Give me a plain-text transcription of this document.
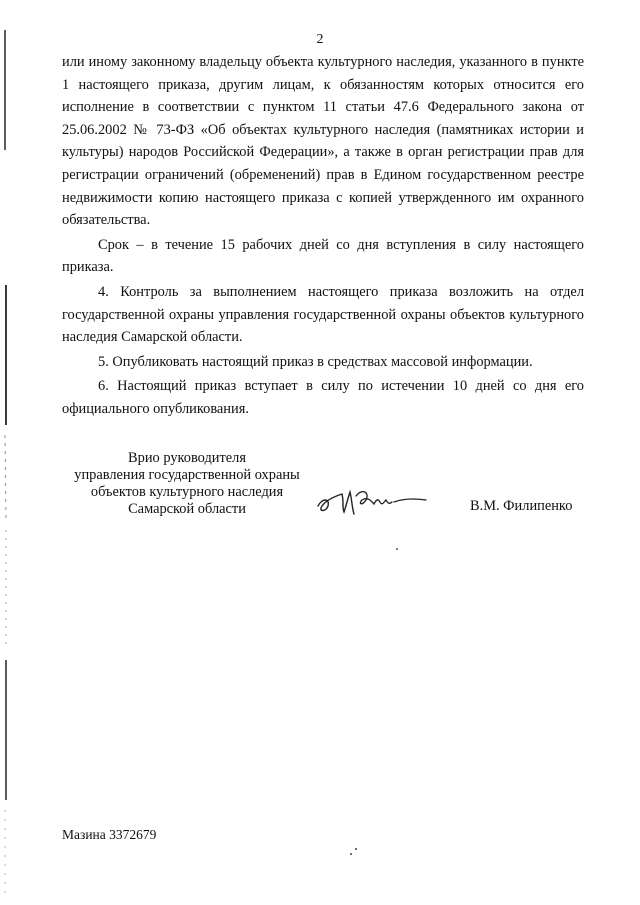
2

или иному законному владельцу объекта культурного наследия, указанного в пункте 1 настоящего приказа, другим лицам, к обязанностям которых относится его исполнение в соответствии с пунктом 11 статьи 47.6 Федерального закона от 25.06.2002 № 73-ФЗ «Об объектах культурного наследия (памятниках истории и культуры) народов Российской Федерации», а также в орган регистрации прав для регистрации ограничений (обременений) прав в Едином государственном реестре недвижимости копию настоящего приказа с копией утвержденного им охранного обязательства.

Срок – в течение 15 рабочих дней со дня вступления в силу настоящего приказа.

4. Контроль за выполнением настоящего приказа возложить на отдел государственной охраны управления государственной охраны объектов культурного наследия Самарской области.

5. Опубликовать настоящий приказ в средствах массовой информации.

6. Настоящий приказ вступает в силу по истечении 10 дней со дня его официального опубликования.

Врио руководителя
управления государственной охраны
объектов культурного наследия
Самарской области	В.М. Филипенко
Мазина 3372679
